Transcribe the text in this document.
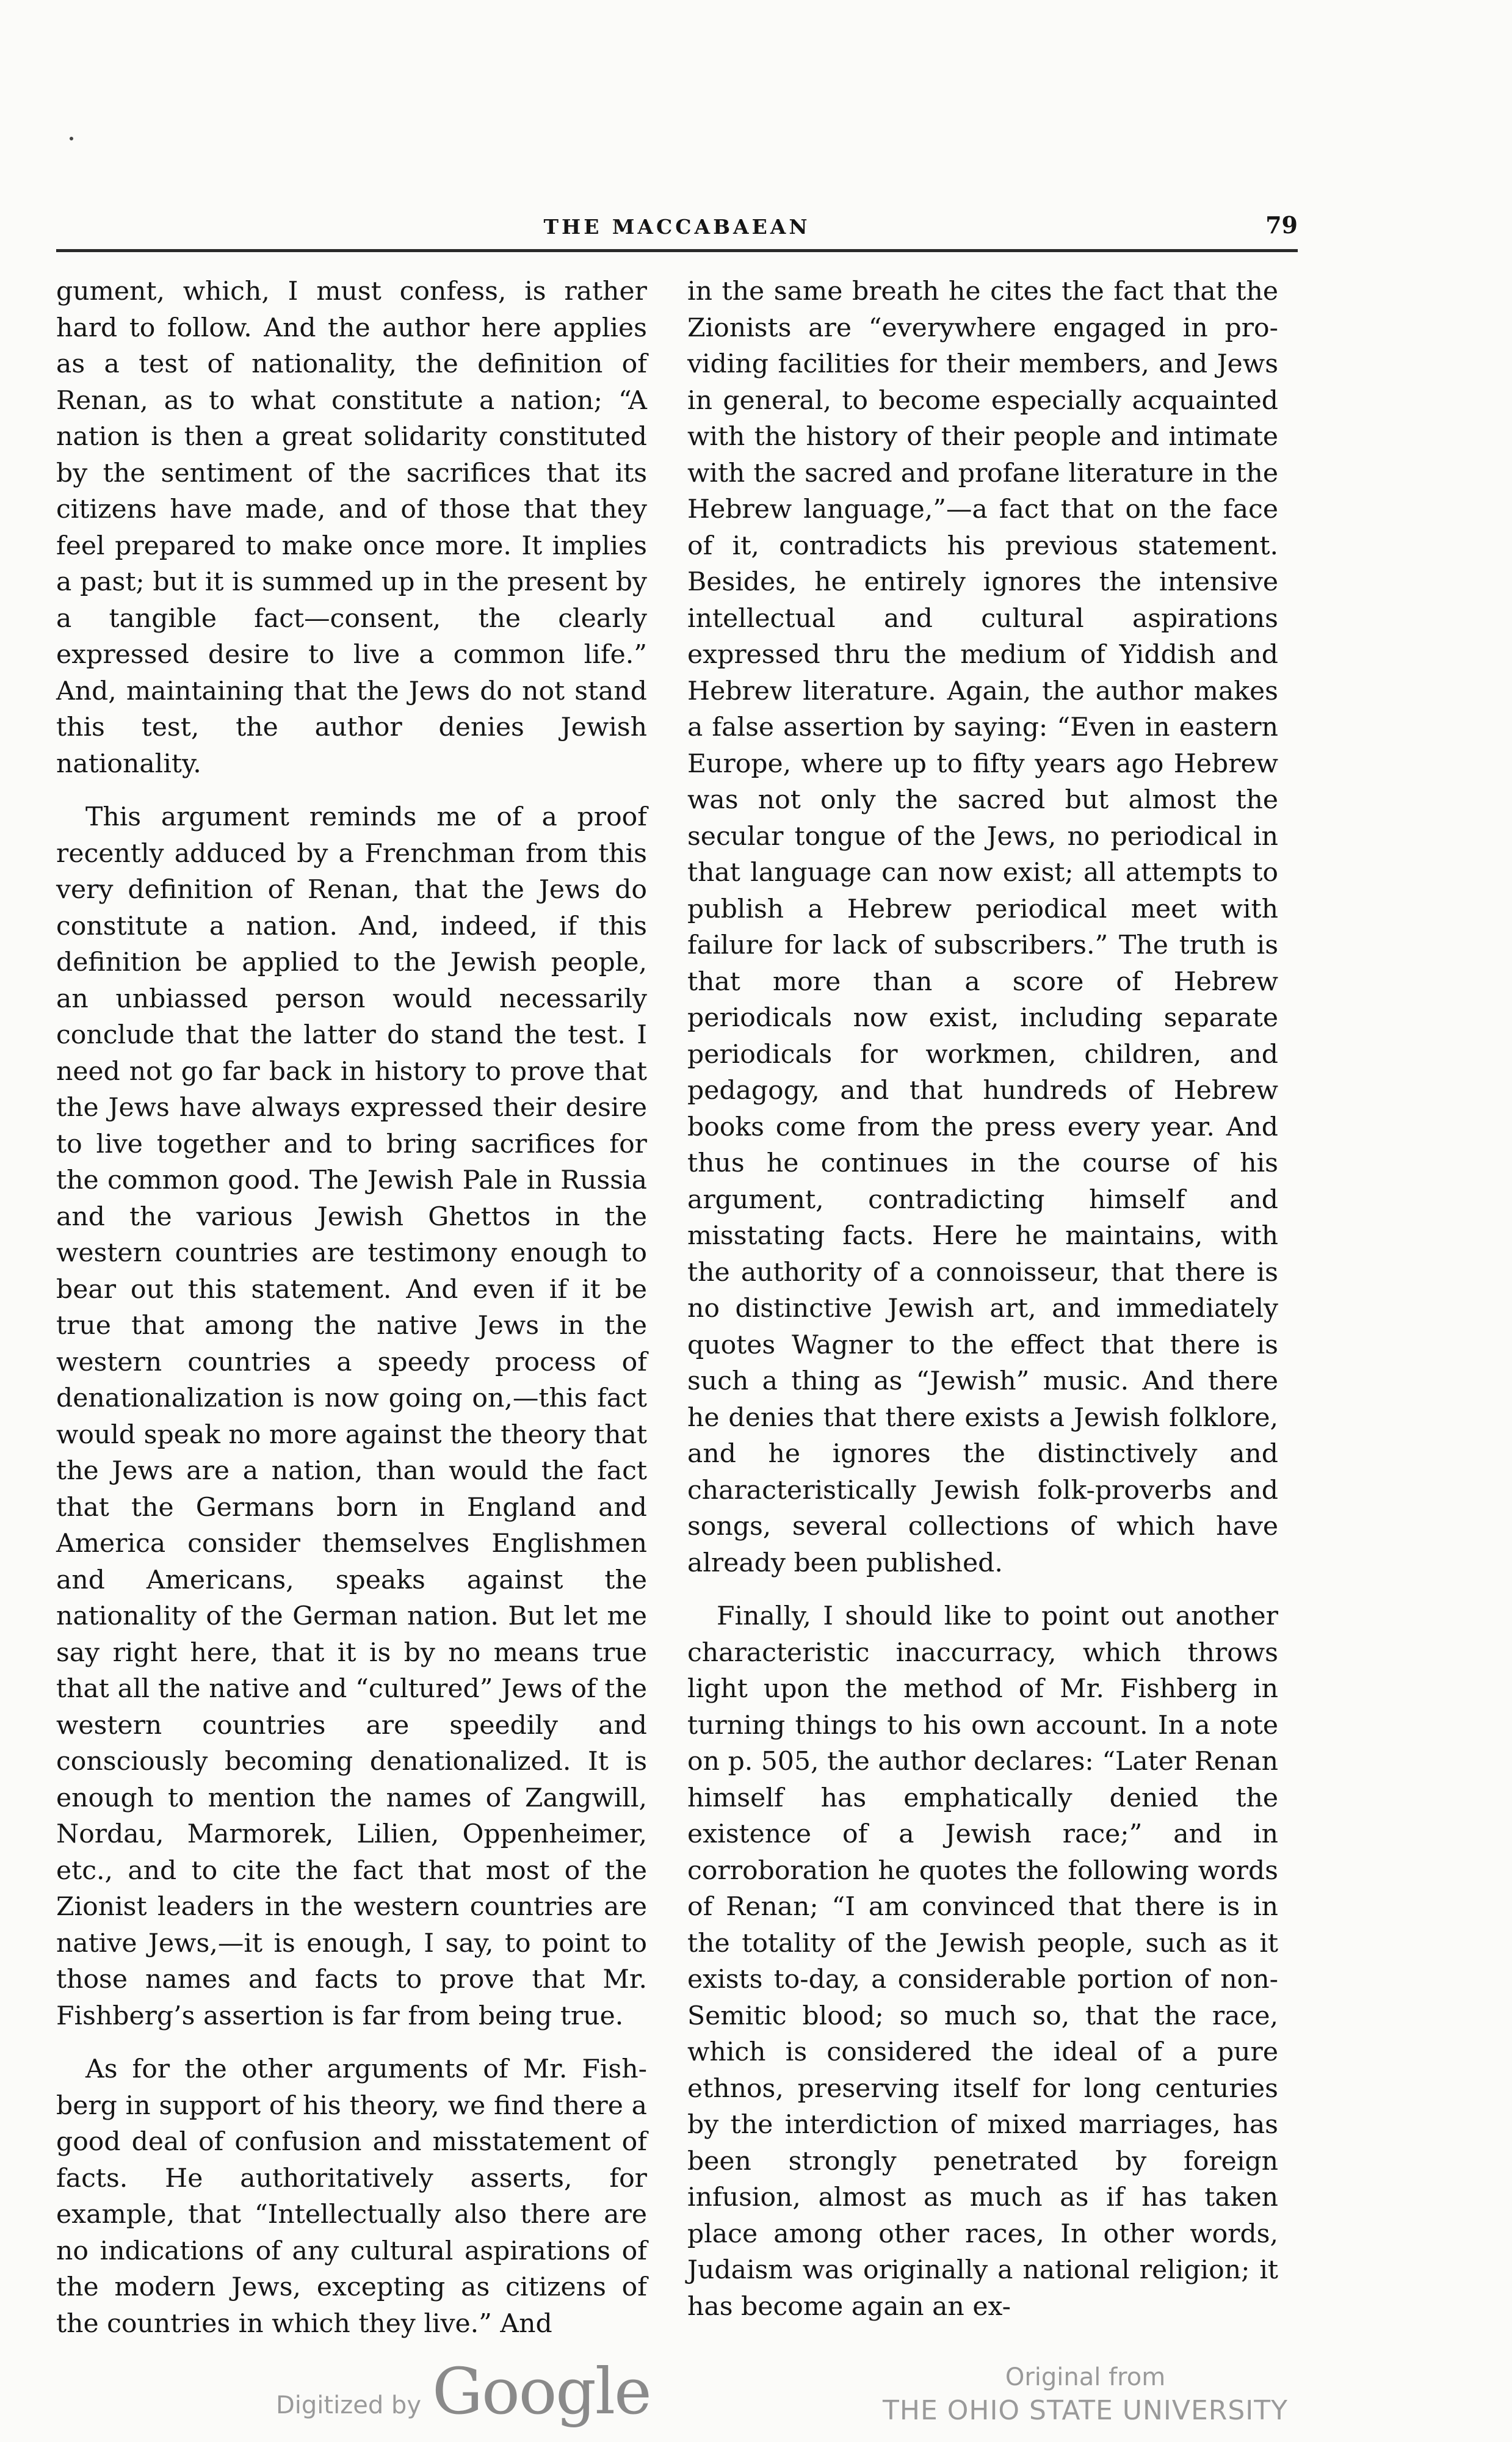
THE MACCABAEAN	79

gument, which, I must confess, is rather hard to follow. And the author here applies as a test of nationality, the definition of Renan, as to what constitute a nation; “A nation is then a great solidarity constituted by the sentiment of the sacrifices that its citizens have made, and of those that they feel prepared to make once more. It implies a past; but it is summed up in the present by a tangible fact—consent, the clearly expressed desire to live a common life.” And, maintaining that the Jews do not stand this test, the author denies Jewish nationality.

This argument reminds me of a proof recently adduced by a Frenchman from this very definition of Renan, that the Jews do constitute a nation. And, indeed, if this definition be applied to the Jewish people, an unbiassed person would necessarily conclude that the latter do stand the test. I need not go far back in history to prove that the Jews have always expressed their desire to live together and to bring sacrifices for the common good. The Jewish Pale in Russia and the various Jewish Ghettos in the western countries are testimony enough to bear out this statement. And even if it be true that among the native Jews in the western countries a speedy process of denationalization is now going on,—this fact would speak no more against the theory that the Jews are a nation, than would the fact that the Germans born in England and America consider themselves Englishmen and Americans, speaks against the nationality of the German nation. But let me say right here, that it is by no means true that all the native and “cultured” Jews of the western countries are speedily and consciously becoming denationalized. It is enough to mention the names of Zangwill, Nordau, Marmorek, Lilien, Oppenheimer, etc., and to cite the fact that most of the Zionist leaders in the western countries are native Jews,—it is enough, I say, to point to those names and facts to prove that Mr. Fishberg’s assertion is far from being true.

As for the other arguments of Mr. Fishberg in support of his theory, we find there a good deal of confusion and misstatement of facts. He authoritatively asserts, for example, that “Intellectually also there are no indications of any cultural aspirations of the modern Jews, excepting as citizens of the countries in which they live.” And

in the same breath he cites the fact that the Zionists are “everywhere engaged in providing facilities for their members, and Jews in general, to become especially acquainted with the history of their people and intimate with the sacred and profane literature in the Hebrew language,”—a fact that on the face of it, contradicts his previous statement. Besides, he entirely ignores the intensive intellectual and cultural aspirations expressed thru the medium of Yiddish and Hebrew literature. Again, the author makes a false assertion by saying: “Even in eastern Europe, where up to fifty years ago Hebrew was not only the sacred but almost the secular tongue of the Jews, no periodical in that language can now exist; all attempts to publish a Hebrew periodical meet with failure for lack of subscribers.” The truth is that more than a score of Hebrew periodicals now exist, including separate periodicals for workmen, children, and pedagogy, and that hundreds of Hebrew books come from the press every year. And thus he continues in the course of his argument, contradicting himself and misstating facts. Here he maintains, with the authority of a connoisseur, that there is no distinctive Jewish art, and immediately quotes Wagner to the effect that there is such a thing as “Jewish” music. And there he denies that there exists a Jewish folklore, and he ignores the distinctively and characteristically Jewish folk-proverbs and songs, several collections of which have already been published.

Finally, I should like to point out another characteristic inaccurracy, which throws light upon the method of Mr. Fishberg in turning things to his own account. In a note on p. 505, the author declares: “Later Renan himself has emphatically denied the existence of a Jewish race;” and in corroboration he quotes the following words of Renan; “I am convinced that there is in the totality of the Jewish people, such as it exists to-day, a considerable portion of non-Semitic blood; so much so, that the race, which is considered the ideal of a pure ethnos, preserving itself for long centuries by the interdiction of mixed marriages, has been strongly penetrated by foreign infusion, almost as much as if has taken place among other races, In other words, Judaism was originally a national religion; it has become again an ex-

Digitized by Google	Original from
THE OHIO STATE UNIVERSITY
